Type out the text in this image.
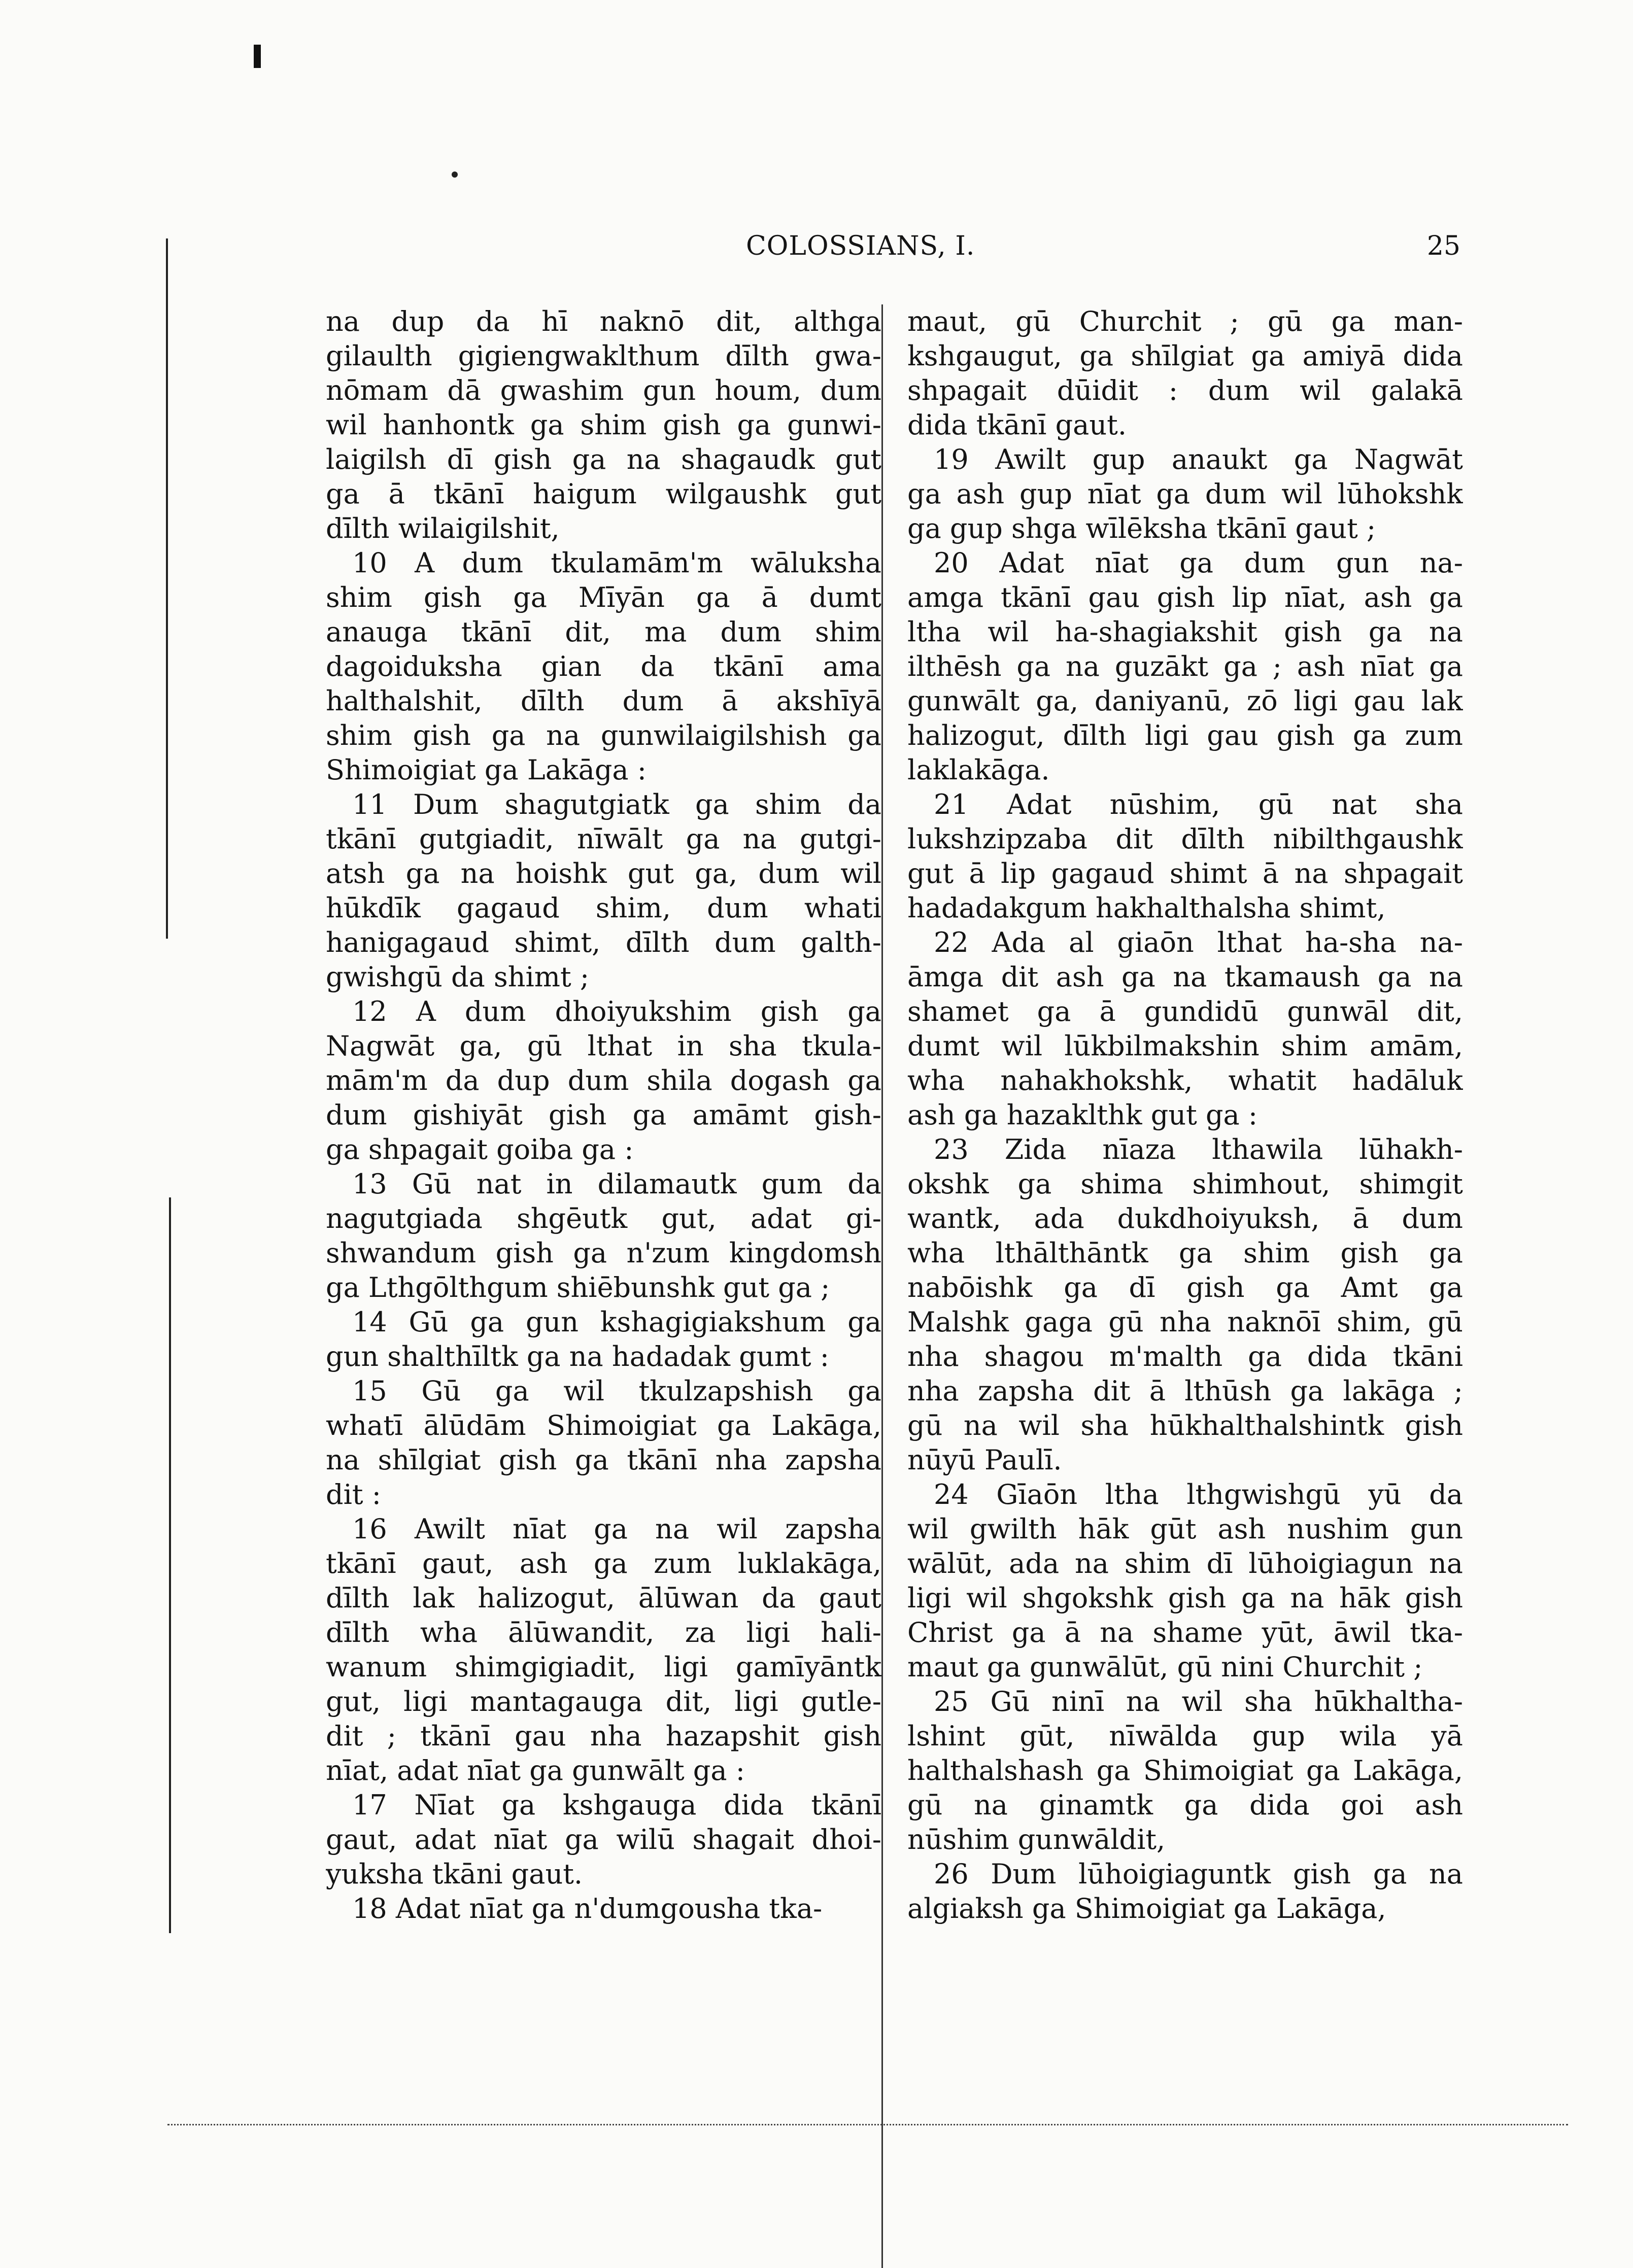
COLOSSIANS, I.	25
na dup da hī naknō dit, althga
gilaulth gigiengwaklthum dīlth gwa-
nōmam dā gwashim gun houm, dum
wil hanhontk ga shim gish ga gunwi-
laigilsh dī gish ga na shagaudk gut
ga ā tkānī haigum wilgaushk gut
dīlth wilaigilshit,
10 A dum tkulamām'm wāluksha
shim gish ga Mīyān ga ā dumt
anauga tkānī dit, ma dum shim
dagoiduksha gian da tkānī ama
halthalshit, dīlth dum ā akshīyā
shim gish ga na gunwilaigilshish ga
Shimoigiat ga Lakāga :
11 Dum shagutgiatk ga shim da
tkānī gutgiadit, nīwālt ga na gutgi-
atsh ga na hoishk gut ga, dum wil
hūkdīk gagaud shim, dum whati
hanigagaud shimt, dīlth dum galth-
gwishgū da shimt ;
12 A dum dhoiyukshim gish ga
Nagwāt ga, gū lthat in sha tkula-
mām'm da dup dum shila dogash ga
dum gishiyāt gish ga amāmt gish-
ga shpagait goiba ga :
13 Gū nat in dilamautk gum da
nagutgiada shgēutk gut, adat gi-
shwandum gish ga n'zum kingdomsh
ga Lthgōlthgum shiēbunshk gut ga ;
14 Gū ga gun kshagigiakshum ga
gun shalthīltk ga na hadadak gumt :
15 Gū ga wil tkulzapshish ga
whatī ālūdām Shimoigiat ga Lakāga,
na shīlgiat gish ga tkānī nha zapsha
dit :
16 Awilt nīat ga na wil zapsha
tkānī gaut, ash ga zum luklakāga,
dīlth lak halizogut, ālūwan da gaut
dīlth wha ālūwandit, za ligi hali-
wanum shimgigiadit, ligi gamīyāntk
gut, ligi mantagauga dit, ligi gutle-
dit ; tkānī gau nha hazapshit gish
nīat, adat nīat ga gunwālt ga :
17 Nīat ga kshgauga dida tkānī
gaut, adat nīat ga wilū shagait dhoi-
yuksha tkāni gaut.
18 Adat nīat ga n'dumgousha tka-
maut, gū Churchit ; gū ga man-
kshgaugut, ga shīlgiat ga amiyā dida
shpagait dūidit : dum wil galakā
dida tkānī gaut.
19 Awilt gup anaukt ga Nagwāt
ga ash gup nīat ga dum wil lūhokshk
ga gup shga wīlēksha tkānī gaut ;
20 Adat nīat ga dum gun na-
amga tkānī gau gish lip nīat, ash ga
ltha wil ha-shagiakshit gish ga na
ilthēsh ga na guzākt ga ; ash nīat ga
gunwālt ga, daniyanū, zō ligi gau lak
halizogut, dīlth ligi gau gish ga zum
laklakāga.
21 Adat nūshim, gū nat sha
lukshzipzaba dit dīlth nibilthgaushk
gut ā lip gagaud shimt ā na shpagait
hadadakgum hakhalthalsha shimt,
22 Ada al giaōn lthat ha-sha na-
āmga dit ash ga na tkamaush ga na
shamet ga ā gundidū gunwāl dit,
dumt wil lūkbilmakshin shim amām,
wha nahakhokshk, whatit hadāluk
ash ga hazaklthk gut ga :
23 Zida nīaza lthawila lūhakh-
okshk ga shima shimhout, shimgit
wantk, ada dukdhoiyuksh, ā dum
wha lthālthāntk ga shim gish ga
nabōishk ga dī gish ga Amt ga
Malshk gaga gū nha naknōī shim, gū
nha shagou m'malth ga dida tkāni
nha zapsha dit ā lthūsh ga lakāga ;
gū na wil sha hūkhalthalshintk gish
nūyū Paulī.
24 Gīaōn ltha lthgwishgū yū da
wil gwilth hāk gūt ash nushim gun
wālūt, ada na shim dī lūhoigiagun na
ligi wil shgokshk gish ga na hāk gish
Christ ga ā na shame yūt, āwil tka-
maut ga gunwālūt, gū nini Churchit ;
25 Gū ninī na wil sha hūkhaltha-
lshint gūt, nīwālda gup wila yā
halthalshash ga Shimoigiat ga Lakāga,
gū na ginamtk ga dida goi ash
nūshim gunwāldit,
26 Dum lūhoigiaguntk gish ga na
algiaksh ga Shimoigiat ga Lakāga,
